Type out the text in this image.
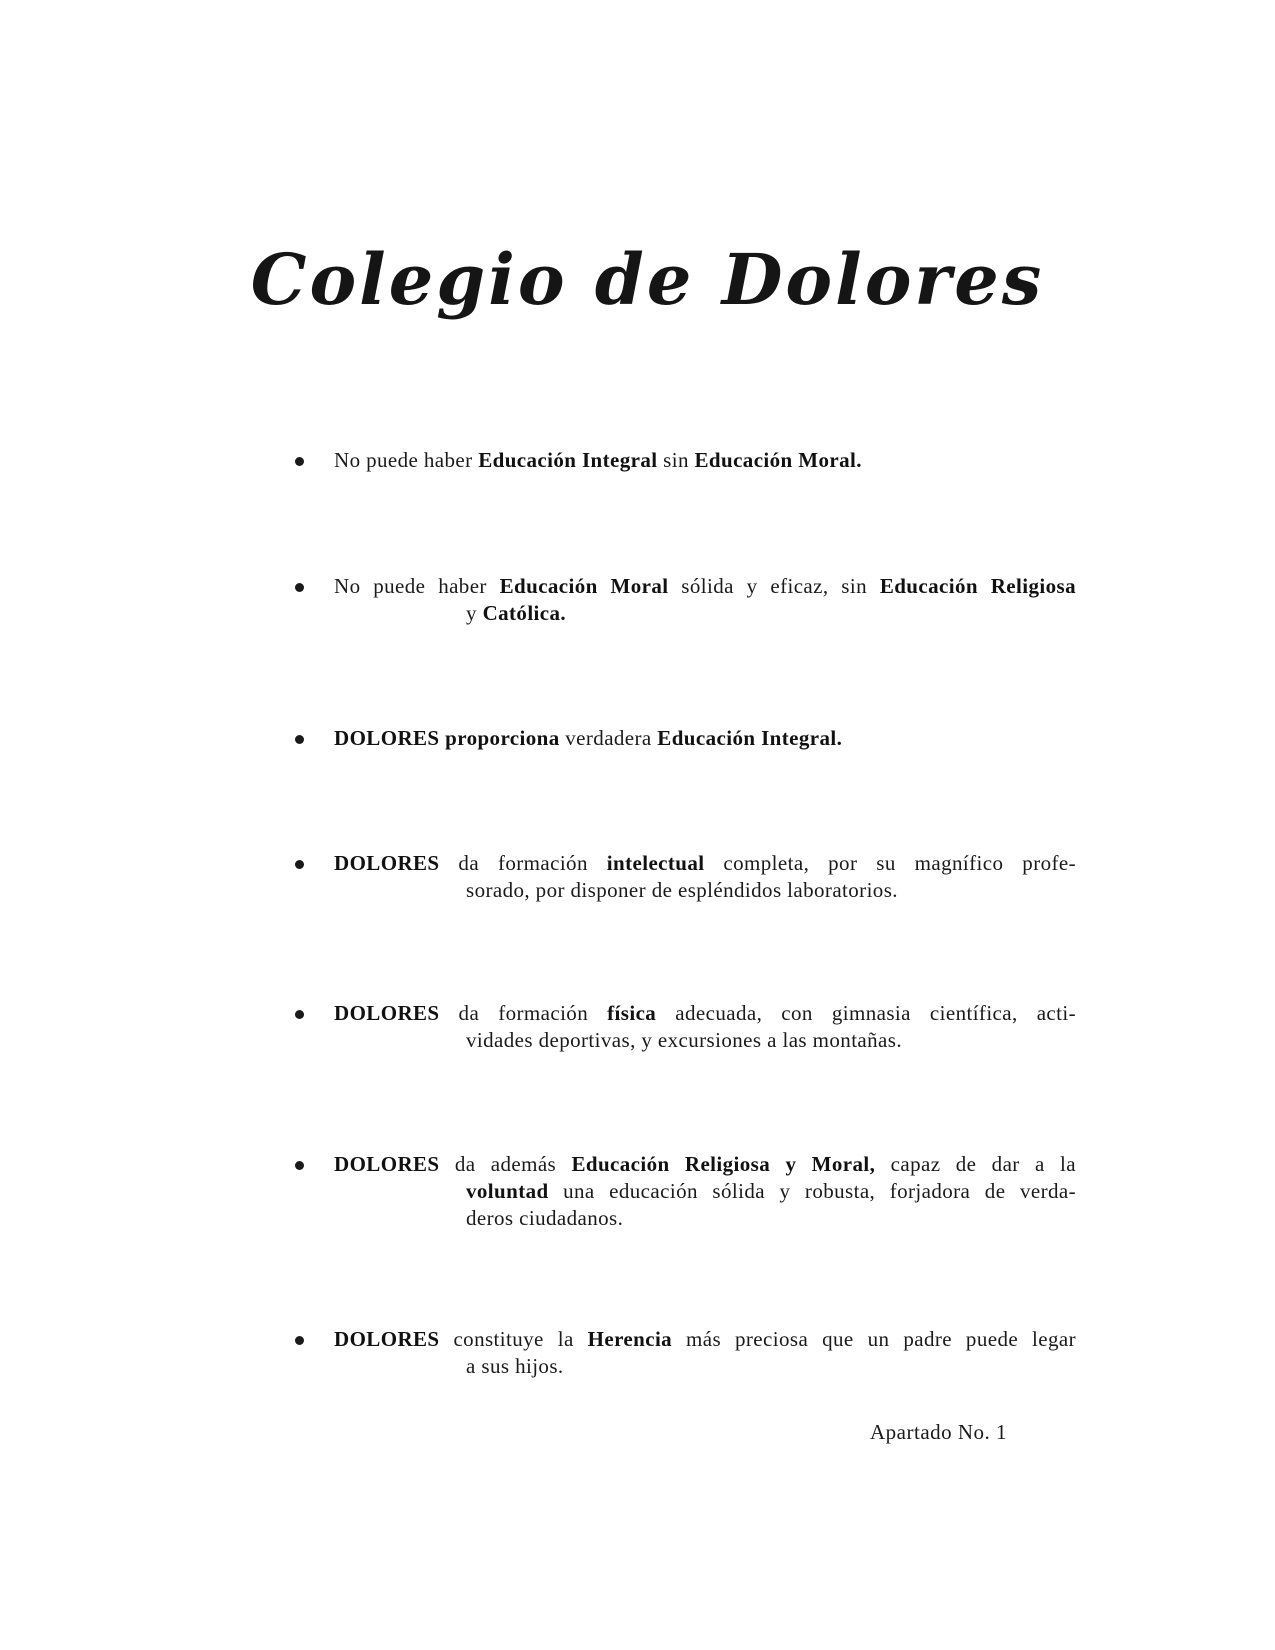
Colegio de Dolores
No puede haber Educación Integral sin Educación Moral.
No puede haber Educación Moral sólida y eficaz, sin Educación Religiosa
y Católica.
DOLORES proporciona verdadera Educación Integral.
DOLORES da formación intelectual completa, por su magnífico profe-
sorado, por disponer de espléndidos laboratorios.
DOLORES da formación física adecuada, con gimnasia científica, acti-
vidades deportivas, y excursiones a las montañas.
DOLORES da además Educación Religiosa y Moral, capaz de dar a la
voluntad una educación sólida y robusta, forjadora de verda-
deros ciudadanos.
DOLORES constituye la Herencia más preciosa que un padre puede legar
a sus hijos.
Apartado No. 1
